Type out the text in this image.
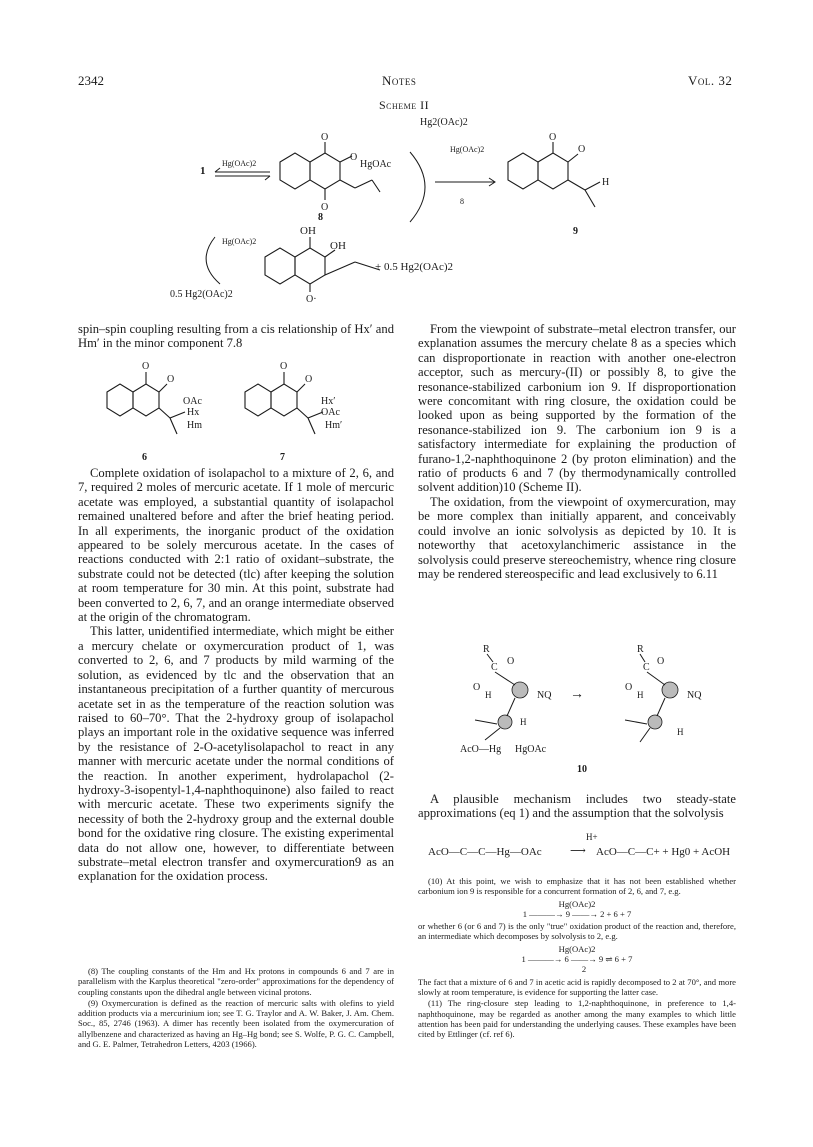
2342	Notes	Vol. 32
Scheme II
Hg2(OAc)2
1
Hg(OAc)2
O
O
O
HgOAc
8
Hg(OAc)2
8
O
O
H
9
OH
OH
O·
Hg(OAc)2
+ 0.5 Hg2(OAc)2
0.5 Hg2(OAc)2

spin–spin coupling resulting from a cis relationship of Hx′ and Hm′ in the minor component 7.8

O
O
OAc
Hx
Hm
6
O
O
Hx′
OAc
Hm′
7

Complete oxidation of isolapachol to a mixture of 2, 6, and 7, required 2 moles of mercuric acetate. If 1 mole of mercuric acetate was employed, a substantial quantity of isolapachol remained unaltered before and after the brief heating period. In all experiments, the inorganic product of the oxidation appeared to be solely mercurous acetate. In the cases of reactions conducted with 2:1 ratio of oxidant–substrate, the substrate could not be detected (tlc) after keeping the solution at room temperature for 30 min. At this point, substrate had been converted to 2, 6, 7, and an orange intermediate observed at the origin of the chromatogram.

This latter, unidentified intermediate, which might be either a mercury chelate or oxymercuration product of 1, was converted to 2, 6, and 7 products by mild warming of the solution, as evidenced by tlc and the observation that an instantaneous precipitation of a further quantity of mercurous acetate set in as the temperature of the reaction solution was raised to 60–70°. That the 2-hydroxy group of isolapachol plays an important role in the oxidative sequence was inferred by the resistance of 2-O-acetylisolapachol to react in any manner with mercuric acetate under the normal conditions of the reaction. In another experiment, hydrolapachol (2-hydroxy-3-isopentyl-1,4-naphthoquinone) also failed to react with mercuric acetate. These two experiments signify the necessity of both the 2-hydroxy group and the external double bond for the oxidative ring closure. The existing experimental data do not allow one, however, to differentiate between substrate–metal electron transfer and oxymercuration9 as an explanation for the oxidation process.

(8) The coupling constants of the Hm and Hx protons in compounds 6 and 7 are in parallelism with the Karplus theoretical "zero-order" approximations for the dependency of coupling constants upon the dihedral angle between vicinal protons.

(9) Oxymercuration is defined as the reaction of mercuric salts with olefins to yield addition products via a mercurinium ion; see T. G. Traylor and A. W. Baker, J. Am. Chem. Soc., 85, 2746 (1963). A dimer has recently been isolated from the oxymercuration of allylbenzene and characterized as having an Hg–Hg bond; see S. Wolfe, P. G. C. Campbell, and G. E. Palmer, Tetrahedron Letters, 4203 (1966).

From the viewpoint of substrate–metal electron transfer, our explanation assumes the mercury chelate 8 as a species which can disproportionate in reaction with another one-electron acceptor, such as mercury-(II) or possibly 8, to give the resonance-stabilized carbonium ion 9. If disproportionation were concomitant with ring closure, the oxidation could be looked upon as being supported by the formation of the resonance-stabilized ion 9. The carbonium ion 9 is a satisfactory intermediate for explaining the production of furano-1,2-naphthoquinone 2 (by proton elimination) and the ratio of products 6 and 7 (by thermodynamically controlled solvent addition)10 (Scheme II).

The oxidation, from the viewpoint of oxymercuration, may be more complex than initially apparent, and conceivably could involve an ionic solvolysis as depicted by 10. It is noteworthy that acetoxylanchimeric assistance in the solvolysis could preserve stereochemistry, whence ring closure may be rendered stereospecific and lead exclusively to 6.11

R
C
O
O
H	NQ
H
AcO—Hg HgOAc
→
R
C
O
O
H	NQ
H
10

A plausible mechanism includes two steady-state approximations (eq 1) and the assumption that the solvolysis

AcO—C—C—Hg—OAc
H+
⟶ AcO—C—C+ + Hg0 + AcOH

(10) At this point, we wish to emphasize that it has not been established whether carbonium ion 9 is responsible for a concurrent formation of 2, 6, and 7, e.g.

Hg(OAc)2
1 ———→ 9 ——→ 2 + 6 + 7

or whether 6 (or 6 and 7) is the only "true" oxidation product of the reaction and, therefore, an intermediate which decomposes by solvolysis to 2, e.g.

Hg(OAc)2
1 ———→ 6 ——→ 9 ⇌ 6 + 7
2

The fact that a mixture of 6 and 7 in acetic acid is rapidly decomposed to 2 at 70°, and more slowly at room temperature, is evidence for supporting the latter case.

(11) The ring-closure step leading to 1,2-naphthoquinone, in preference to 1,4-naphthoquinone, may be regarded as another among the many examples to which little attention has been paid for understanding the underlying causes. These examples have been cited by Ettlinger (cf. ref 6).
